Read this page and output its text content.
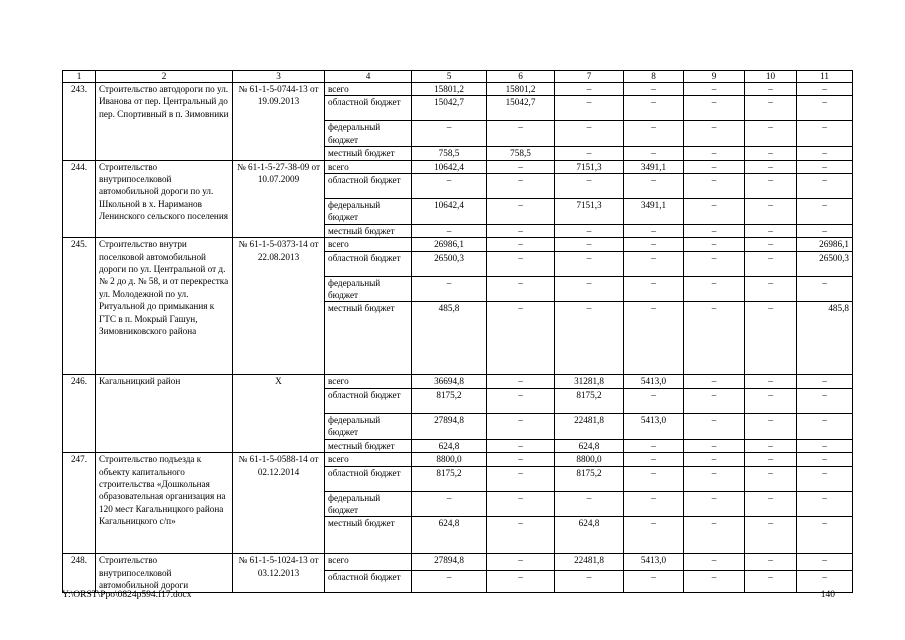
1	2	3	4	5	6	7	8	9	10	11
243.	Строительство автодороги по ул. Иванова от пер. Центральный до пер. Спортивный в п. Зимовники	№ 61-1-5-0744-13 от 19.09.2013	всего	15801,2	15801,2	–	–	–	–	–
			областной бюджет	15042,7	15042,7	–	–	–	–	–
			федеральный бюджет	–	–	–	–	–	–	–
			местный бюджет	758,5	758,5	–	–	–	–	–
244.	Строительство внутрипоселковой автомобильной дороги по ул. Школьной в х. Нариманов Ленинского сельского поселения	№ 61-1-5-27-38-09 от 10.07.2009	всего	10642,4	–	7151,3	3491,1	–	–	–
			областной бюджет	–	–	–	–	–	–	–
			федеральный бюджет	10642,4	–	7151,3	3491,1	–	–	–
			местный бюджет	–	–	–	–	–	–	–
245.	Строительство внутри поселковой автомобильной дороги по ул. Центральной от д. № 2 до д. № 58, и от перекрестка ул. Молодежной по ул. Ритуальной до примыкания к ГТС в п. Мокрый Гашун, Зимовниковского района	№ 61-1-5-0373-14 от 22.08.2013	всего	26986,1	–	–	–	–	–	26986,1
			областной бюджет	26500,3	–	–	–	–	–	26500,3
			федеральный бюджет	–	–	–	–	–	–	–
			местный бюджет	485,8	–	–	–	–	–	485,8
246.	Кагальницкий район	Х	всего	36694,8	–	31281,8	5413,0	–	–	–
			областной бюджет	8175,2	–	8175,2	–	–	–	–
			федеральный бюджет	27894,8	–	22481,8	5413,0	–	–	–
			местный бюджет	624,8	–	624,8	–	–	–	–
247.	Строительство подъезда к объекту капитального строительства «Дошкольная образовательная организация на 120 мест Кагальницкого района Кагальницкого с/п»	№ 61-1-5-0588-14 от 02.12.2014	всего	8800,0	–	8800,0	–	–	–	–
			областной бюджет	8175,2	–	8175,2	–	–	–	–
			федеральный бюджет	–	–	–	–	–	–	–
			местный бюджет	624,8	–	624,8	–	–	–	–
248.	Строительство внутрипоселковой автомобильной дороги	№ 61-1-5-1024-13 от 03.12.2013	всего	27894,8	–	22481,8	5413,0	–	–	–
			областной бюджет	–	–	–	–	–	–	–
Y:\ORST\Ppo\0824p594.f17.docx	140
